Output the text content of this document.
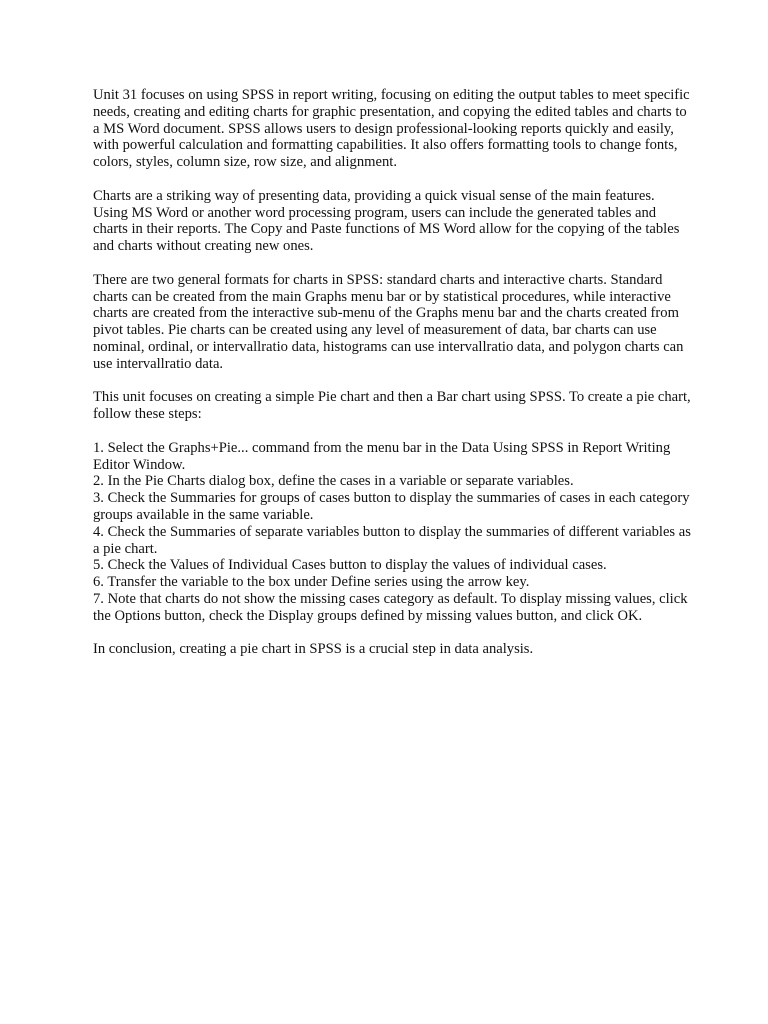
Unit 31 focuses on using SPSS in report writing, focusing on editing the output tables to meet specific needs, creating and editing charts for graphic presentation, and copying the edited tables and charts to a MS Word document. SPSS allows users to design professional-looking reports quickly and easily, with powerful calculation and formatting capabilities. It also offers formatting tools to change fonts, colors, styles, column size, row size, and alignment.

Charts are a striking way of presenting data, providing a quick visual sense of the main features. Using MS Word or another word processing program, users can include the generated tables and charts in their reports. The Copy and Paste functions of MS Word allow for the copying of the tables and charts without creating new ones.

There are two general formats for charts in SPSS: standard charts and interactive charts. Standard charts can be created from the main Graphs menu bar or by statistical procedures, while interactive charts are created from the interactive sub-menu of the Graphs menu bar and the charts created from pivot tables. Pie charts can be created using any level of measurement of data, bar charts can use nominal, ordinal, or intervallratio data, histograms can use intervallratio data, and polygon charts can use intervallratio data.

This unit focuses on creating a simple Pie chart and then a Bar chart using SPSS. To create a pie chart, follow these steps:

1. Select the Graphs+Pie... command from the menu bar in the Data Using SPSS in Report Writing Editor Window.
2. In the Pie Charts dialog box, define the cases in a variable or separate variables.
3. Check the Summaries for groups of cases button to display the summaries of cases in each category groups available in the same variable.
4. Check the Summaries of separate variables button to display the summaries of different variables as a pie chart.
5. Check the Values of Individual Cases button to display the values of individual cases.
6. Transfer the variable to the box under Define series using the arrow key.
7. Note that charts do not show the missing cases category as default. To display missing values, click the Options button, check the Display groups defined by missing values button, and click OK.

In conclusion, creating a pie chart in SPSS is a crucial step in data analysis.
